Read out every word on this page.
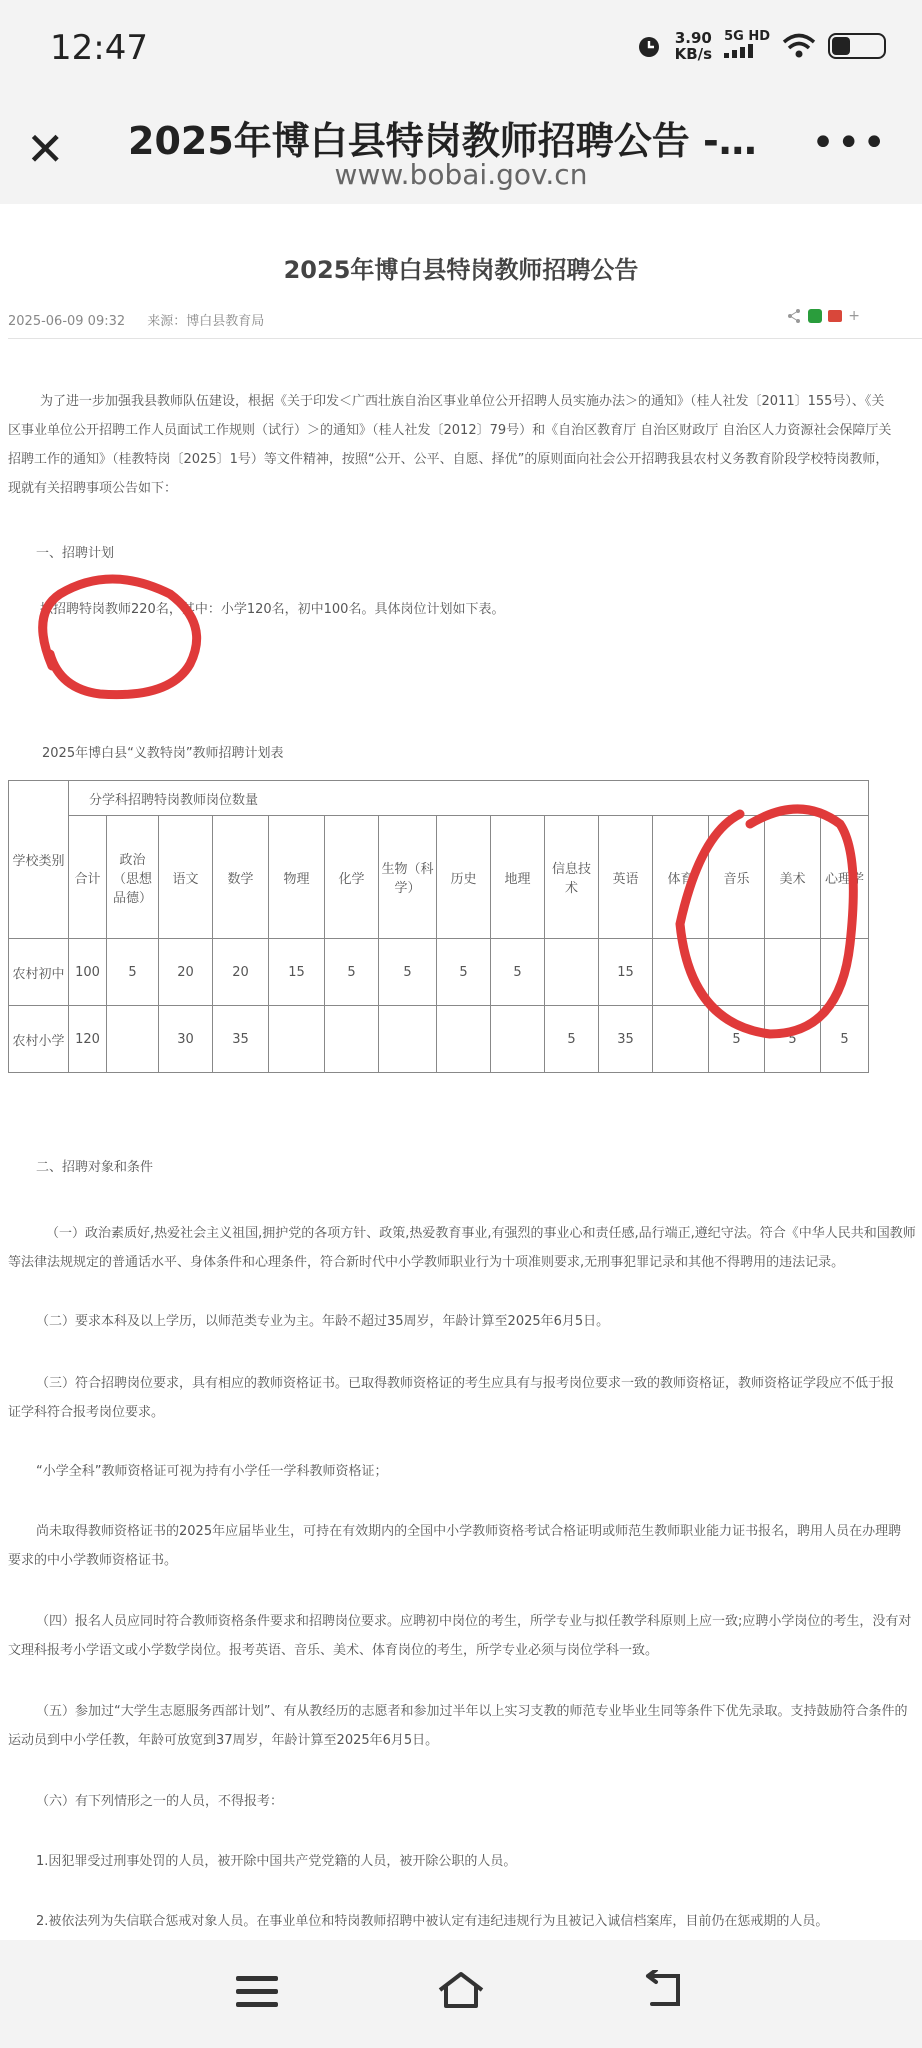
12:47	3.90
KB/s
5G HD
✕ 2025年博白县特岗教师招聘公告 -…
www.bobai.gov.cn
•••
2025年博白县特岗教师招聘公告
2025-06-09 09:32 来源：博白县教育局	+

为了进一步加强我县教师队伍建设，根据《关于印发＜广西壮族自治区事业单位公开招聘人员实施办法＞的通知》（桂人社发〔2011〕155号）、《关

区事业单位公开招聘工作人员面试工作规则（试行）＞的通知》（桂人社发〔2012〕79号）和《自治区教育厅 自治区财政厅 自治区人力资源社会保障厅关

招聘工作的通知》（桂教特岗〔2025〕1号）等文件精神，按照“公开、公平、自愿、择优”的原则面向社会公开招聘我县农村义务教育阶段学校特岗教师，

现就有关招聘事项公告如下：

一、招聘计划

拟招聘特岗教师220名，其中：小学120名，初中100名。具体岗位计划如下表。

2025年博白县“义教特岗”教师招聘计划表
学校类别	分学科招聘特岗教师岗位数量														
	合计	政治（思想品德）	语文	数学	物理	化学	生物（科学）	历史	地理	信息技术	英语	体育	音乐	美术	心理学
农村初中	100	5	20	20	15	5	5	5	5		15				5
农村小学	120		30	35						5	35		5	5	5

二、招聘对象和条件

（一）政治素质好,热爱社会主义祖国,拥护党的各项方针、政策,热爱教育事业,有强烈的事业心和责任感,品行端正,遵纪守法。符合《中华人民共和国教师

等法律法规规定的普通话水平、身体条件和心理条件，符合新时代中小学教师职业行为十项准则要求,无刑事犯罪记录和其他不得聘用的违法记录。

（二）要求本科及以上学历，以师范类专业为主。年龄不超过35周岁，年龄计算至2025年6月5日。

（三）符合招聘岗位要求，具有相应的教师资格证书。已取得教师资格证的考生应具有与报考岗位要求一致的教师资格证，教师资格证学段应不低于报

证学科符合报考岗位要求。

“小学全科”教师资格证可视为持有小学任一学科教师资格证；

尚未取得教师资格证书的2025年应届毕业生，可持在有效期内的全国中小学教师资格考试合格证明或师范生教师职业能力证书报名，聘用人员在办理聘

要求的中小学教师资格证书。

（四）报名人员应同时符合教师资格条件要求和招聘岗位要求。应聘初中岗位的考生，所学专业与拟任教学科原则上应一致;应聘小学岗位的考生，没有对

文理科报考小学语文或小学数学岗位。报考英语、音乐、美术、体育岗位的考生，所学专业必须与岗位学科一致。

（五）参加过“大学生志愿服务西部计划”、有从教经历的志愿者和参加过半年以上实习支教的师范专业毕业生同等条件下优先录取。支持鼓励符合条件的

运动员到中小学任教，年龄可放宽到37周岁，年龄计算至2025年6月5日。

（六）有下列情形之一的人员，不得报考：

1.因犯罪受过刑事处罚的人员，被开除中国共产党党籍的人员，被开除公职的人员。

2.被依法列为失信联合惩戒对象人员。在事业单位和特岗教师招聘中被认定有违纪违规行为且被记入诚信档案库，目前仍在惩戒期的人员。
